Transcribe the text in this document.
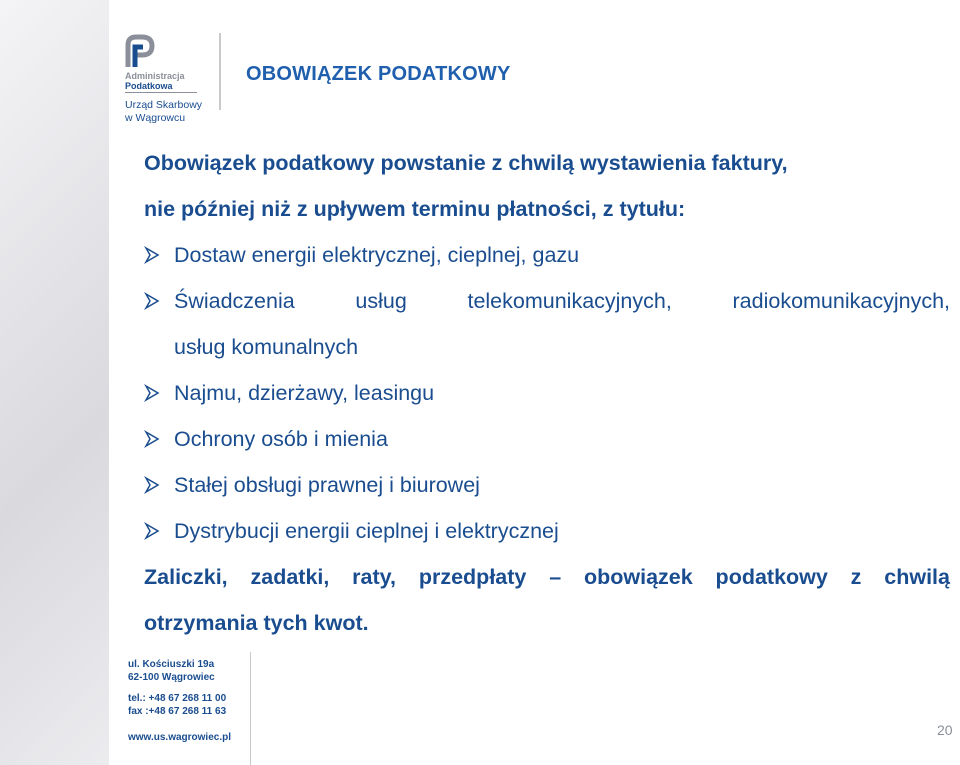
Administracja
Podatkowa
Urząd Skarbowy
w Wągrowcu
OBOWIĄZEK PODATKOWY

Obowiązek podatkowy powstanie z chwilą wystawienia faktury,

nie później niż z upływem terminu płatności, z tytułu:

Dostaw energii elektrycznej, cieplnej, gazu
Świadczenia usług telekomunikacyjnych, radiokomunikacyjnych,
usług komunalnych
Najmu, dzierżawy, leasingu
Ochrony osób i mienia
Stałej obsługi prawnej i biurowej
Dystrybucji energii cieplnej i elektrycznej

Zaliczki, zadatki, raty, przedpłaty – obowiązek podatkowy z chwilą

otrzymania tych kwot.

ul. Kościuszki 19a
62-100 Wągrowiec
tel.: +48 67 268 11 00
fax :+48 67 268 11 63
www.us.wagrowiec.pl	20
